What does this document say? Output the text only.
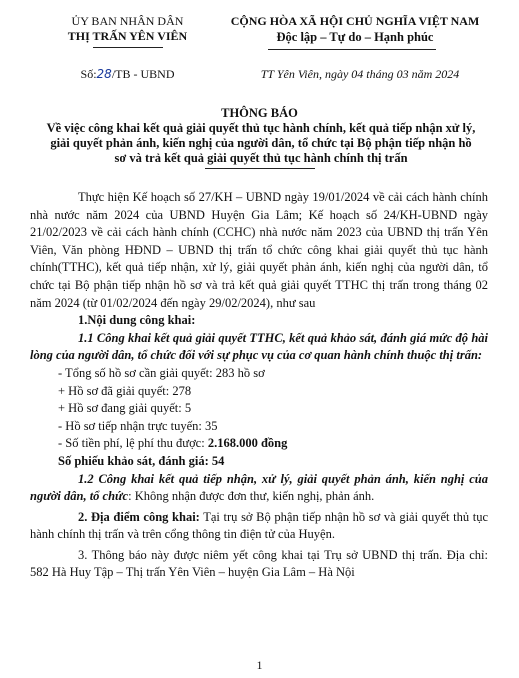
ỦY BAN NHÂN DÂN
THỊ TRẤN YÊN VIÊN
CỘNG HÒA XÃ HỘI CHỦ NGHĨA VIỆT NAM
Độc lập – Tự do – Hạnh phúc
Số:28/TB - UBND	TT Yên Viên, ngày 04 tháng 03 năm 2024
THÔNG BÁO
Về việc công khai kết quả giải quyết thủ tục hành chính, kết quả tiếp nhận xử lý, giải quyết phản ánh, kiến nghị của người dân, tổ chức tại Bộ phận tiếp nhận hồ sơ và trả kết quả giải quyết thủ tục hành chính thị trấn

Thực hiện Kế hoạch số 27/KH – UBND ngày 19/01/2024 về cải cách hành chính nhà nước năm 2024 của UBND Huyện Gia Lâm; Kế hoạch số 24/KH-UBND ngày 21/02/2023 về cải cách hành chính (CCHC) nhà nước năm 2023 của UBND thị trấn Yên Viên, Văn phòng HĐND – UBND thị trấn tổ chức công khai giải quyết thủ tục hành chính(TTHC), kết quả tiếp nhận, xử lý, giải quyết phản ánh, kiến nghị của người dân, tổ chức tại Bộ phận tiếp nhận hồ sơ và trả kết quả giải quyết TTHC thị trấn trong tháng 02 năm 2024 (từ 01/02/2024 đến ngày 29/02/2024), như sau

1.Nội dung công khai:

1.1 Công khai kết quả giải quyết TTHC, kết quả khảo sát, đánh giá mức độ hài lòng của người dân, tổ chức đối với sự phục vụ của cơ quan hành chính thuộc thị trấn:

- Tổng số hồ sơ cần giải quyết: 283 hồ sơ

+ Hồ sơ đã giải quyết: 278

+ Hồ sơ đang giải quyết: 5

- Hồ sơ tiếp nhận trực tuyến: 35

- Số tiền phí, lệ phí thu được: 2.168.000 đồng

Số phiếu khảo sát, đánh giá: 54

1.2 Công khai kết quả tiếp nhận, xử lý, giải quyết phản ánh, kiến nghị của người dân, tổ chức: Không nhận được đơn thư, kiến nghị, phản ánh.

2. Địa điểm công khai: Tại trụ sở Bộ phận tiếp nhận hồ sơ và giải quyết thủ tục hành chính thị trấn và trên cổng thông tin điện tử của Huyện.

3. Thông báo này được niêm yết công khai tại Trụ sở UBND thị trấn. Địa chỉ: 582 Hà Huy Tập – Thị trấn Yên Viên – huyện Gia Lâm – Hà Nội

1
